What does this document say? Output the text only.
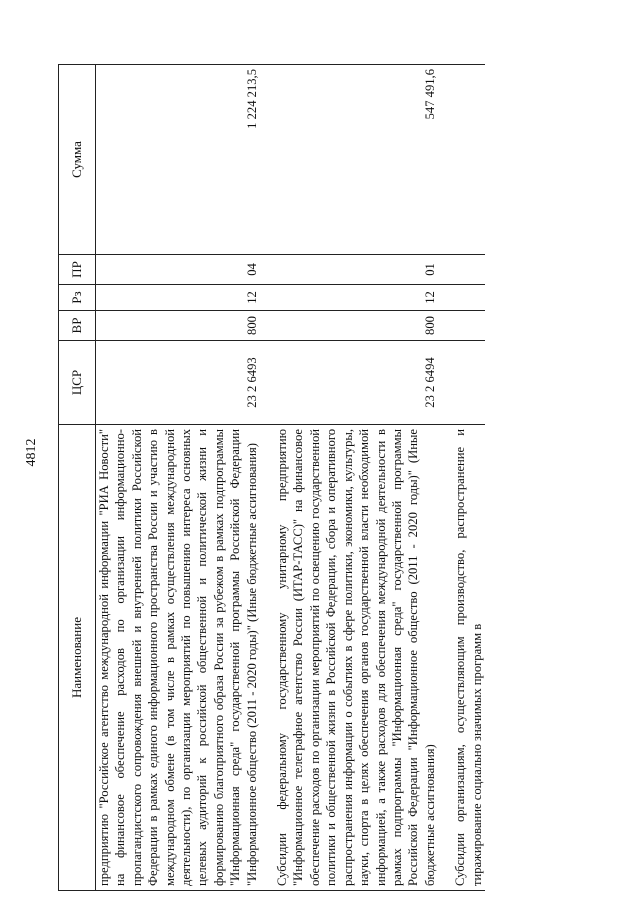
4812
Наименование	ЦСР	ВР	Рз	ПР	Сумма

предприятию "Российское агентство международной информации "РИА Новости" на финансовое обеспечение расходов по организации информационно-пропагандистского сопровождения внешней и внутренней политики Российской Федерации в рамках единого информационного пространства России и участию в международном обмене (в том числе в рамках осуществления международной деятельности), по организации мероприятий по повышению интереса основных целевых аудиторий к российской общественной и политической жизни и формированию благоприятного образа России за рубежом в рамках подпрограммы "Информационная среда" государственной программы Российской Федерации "Информационное общество (2011 - 2020 годы)" (Иные бюджетные ассигнования)	23 2 6493	800	12	04	1 224 213,5

Субсидии федеральному государственному унитарному предприятию "Информационное телеграфное агентство России (ИТАР-ТАСС)" на финансовое обеспечение расходов по организации мероприятий по освещению государственной политики и общественной жизни в Российской Федерации, сбора и оперативного распространения информации о событиях в сфере политики, экономики, культуры, науки, спорта в целях обеспечения органов государственной власти необходимой информацией, а также расходов для обеспечения международной деятельности в рамках подпрограммы "Информационная среда" государственной программы Российской Федерации "Информационное общество (2011 - 2020 годы)" (Иные бюджетные ассигнования)	23 2 6494	800	12	01	547 491,6

Субсидии организациям, осуществляющим производство, распространение и тиражирование социально значимых программ в					
